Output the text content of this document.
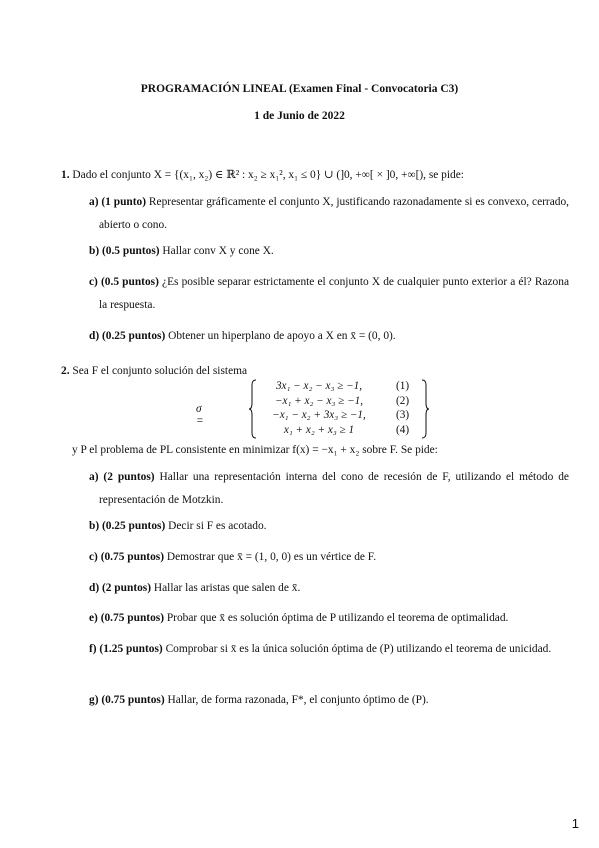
PROGRAMACIÓN LINEAL (Examen Final - Convocatoria C3)
1 de Junio de 2022
1. Dado el conjunto X = {(x₁, x₂) ∈ ℝ² : x₂ ≥ x₁², x₁ ≤ 0} ∪ (]0, +∞[ × ]0, +∞[), se pide:
a) (1 punto) Representar gráficamente el conjunto X, justificando razonadamente si es convexo, cerrado, abierto o cono.
b) (0.5 puntos) Hallar conv X y cone X.
c) (0.5 puntos) ¿Es posible separar estrictamente el conjunto X de cualquier punto exterior a él? Razona la respuesta.
d) (0.25 puntos) Obtener un hiperplano de apoyo a X en x̄ = (0, 0).
2. Sea F el conjunto solución del sistema
σ =
3x₁ − x₂ − x₃ ≥ −1,
−x₁ + x₂ − x₃ ≥ −1,
−x₁ − x₂ + 3x₃ ≥ −1,
x₁ + x₂ + x₃ ≥ 1
(1)
(2)
(3)
(4)
y P el problema de PL consistente en minimizar f(x) = −x₁ + x₂ sobre F. Se pide:
a) (2 puntos) Hallar una representación interna del cono de recesión de F, utilizando el método de representación de Motzkin.
b) (0.25 puntos) Decir si F es acotado.
c) (0.75 puntos) Demostrar que x̄ = (1, 0, 0) es un vértice de F.
d) (2 puntos) Hallar las aristas que salen de x̄.
e) (0.75 puntos) Probar que x̄ es solución óptima de P utilizando el teorema de optimalidad.
f) (1.25 puntos) Comprobar si x̄ es la única solución óptima de (P) utilizando el teorema de unicidad.
g) (0.75 puntos) Hallar, de forma razonada, F*, el conjunto óptimo de (P).
1
